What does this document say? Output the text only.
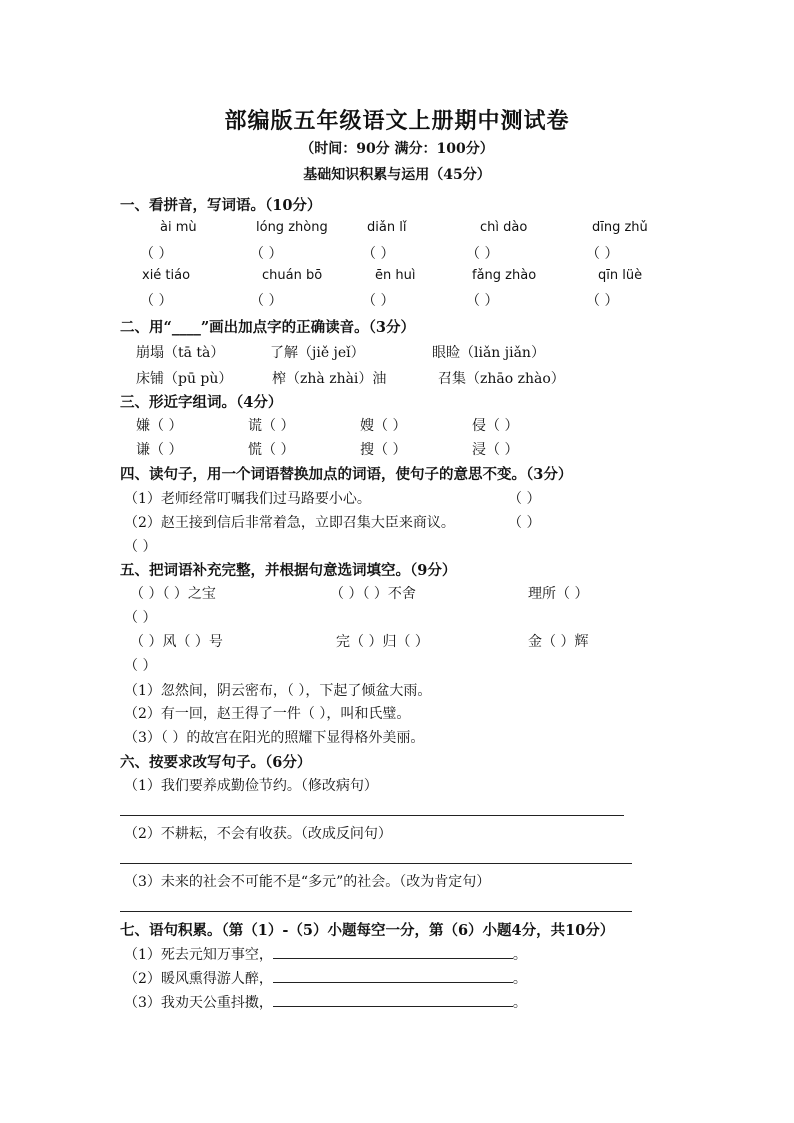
部编版五年级语文上册期中测试卷
（时间：90分 满分：100分）
基础知识积累与运用（45分）
一、看拼音，写词语。（10分）
ài mù	lóng zhòng	diǎn lǐ	chì dào	dīng zhǔ
（ ）	（ ）	（ ）	（ ）	（ ）
xié tiáo	chuán bō	ēn huì	fǎng zhào	qīn lüè
（ ）	（ ）	（ ）	（ ）	（ ）
二、用“____”画出加点字的正确读音。（3分）
崩塌（tā tà）	了解（jiě jeǐ）	眼睑（liǎn jiǎn）
床铺（pū pù）	榨（zhà zhài）油	召集（zhāo zhào）
三、形近字组词。（4分）
嫌（ ）	谎（ ）	嫂（ ）	侵（ ）
谦（ ）	慌（ ）	搜（ ）	浸（ ）
四、读句子，用一个词语替换加点的词语，使句子的意思不变。（3分）
（1）老师经常叮嘱我们过马路要小心。	（ ）
（2）赵王接到信后非常着急，立即召集大臣来商议。	（ ）
（ ）
五、把词语补充完整，并根据句意选词填空。（9分）
（ ）（ ）之宝	（ ）（ ）不舍	理所（ ）
（ ）
（ ）风（ ）号	完（ ）归（ ）	金（ ）辉
（ ）
（1）忽然间，阴云密布，（ ），下起了倾盆大雨。
（2）有一回，赵王得了一件（ ），叫和氏璧。
（3）（ ）的故宫在阳光的照耀下显得格外美丽。
六、按要求改写句子。（6分）
（1）我们要养成勤俭节约。（修改病句）
（2）不耕耘，不会有收获。（改成反问句）
（3）未来的社会不可能不是“多元”的社会。（改为肯定句）
七、语句积累。（第（1）-（5）小题每空一分，第（6）小题4分，共10分）
（1）死去元知万事空，	。
（2）暖风熏得游人醉，	。
（3）我劝天公重抖擞，	。
